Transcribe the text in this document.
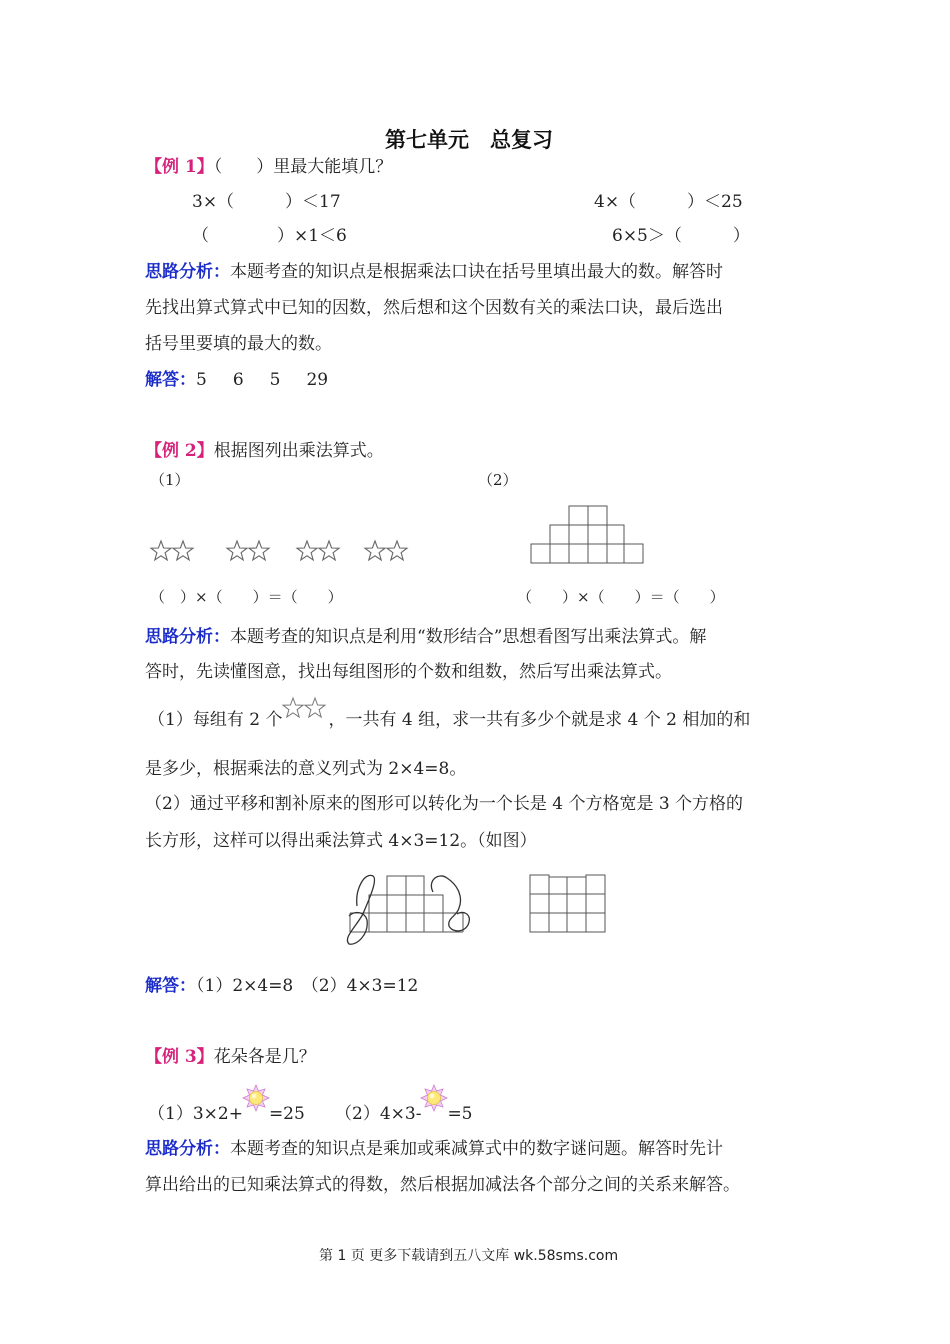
第七单元　总复习
【例 1】（　　）里最大能填几？
3×（　　　）＜17	4×（　　　）＜25
（　　　　）×1＜6	6×5＞（　　　）
思路分析：本题考查的知识点是根据乘法口诀在括号里填出最大的数。解答时
先找出算式算式中已知的因数，然后想和这个因数有关的乘法口诀，最后选出
括号里要填的最大的数。
解答：5 6 5 29
【例 2】根据图列出乘法算式。
（1）	（2）
（　）×（　　）＝（　　）	（　　）×（　　）＝（　　）
思路分析：本题考查的知识点是利用“数形结合”思想看图写出乘法算式。解
答时，先读懂图意，找出每组图形的个数和组数，然后写出乘法算式。
（1）每组有 2 个	，一共有 4 组，求一共有多少个就是求 4 个 2 相加的和
是多少，根据乘法的意义列式为 2×4=8。
（2）通过平移和割补原来的图形可以转化为一个长是 4 个方格宽是 3 个方格的
长方形，这样可以得出乘法算式 4×3=12。（如图）
解答：（1）2×4=8　（2）4×3=12
【例 3】花朵各是几？
（1）3×2+ =25 （2）4×3- =5
思路分析：本题考查的知识点是乘加或乘减算式中的数字谜问题。解答时先计
算出给出的已知乘法算式的得数，然后根据加减法各个部分之间的关系来解答。
第 1 页 更多下载请到五八文库 wk.58sms.com
